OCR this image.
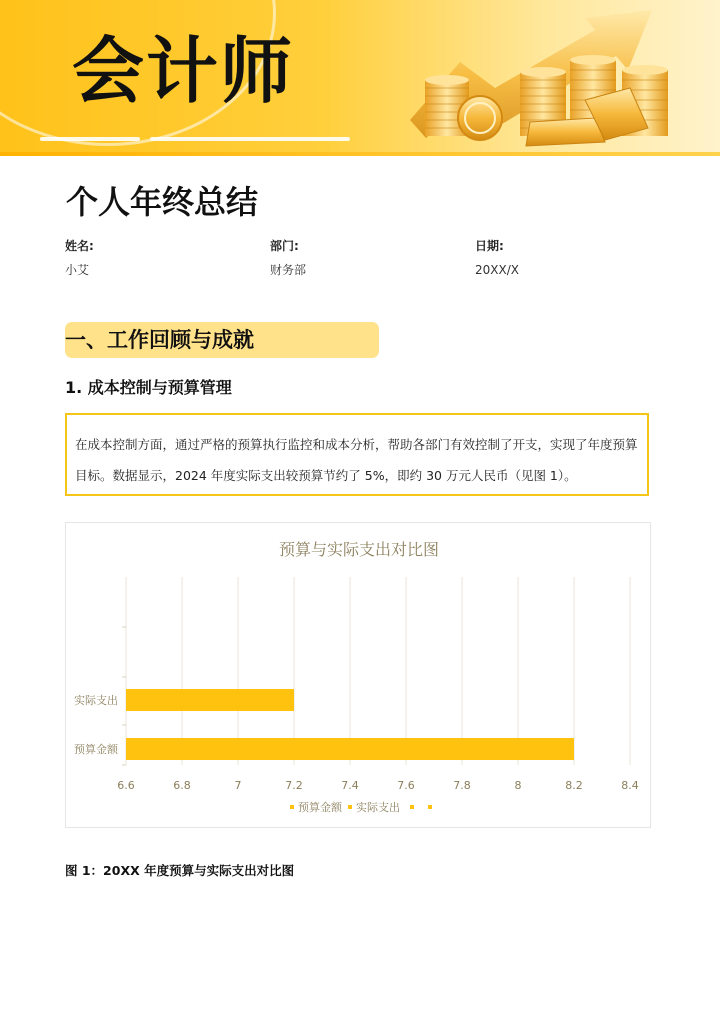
会计师
个人年终总结
姓名:
小艾
部门:
财务部
日期:
20XX/X
一、工作回顾与成就
1. 成本控制与预算管理
在成本控制方面，通过严格的预算执行监控和成本分析，帮助各部门有效控制了开支，实现了年度预算目标。数据显示，2024 年度实际支出较预算节约了 5%，即约 30 万元人民币（见图 1）。
预算与实际支出对比图
6.6	6.8	7	7.2	7.4	7.6	7.8	8	8.2	8.4
预算金额
实际支出
预算金额 实际支出
图 1：20XX 年度预算与实际支出对比图
